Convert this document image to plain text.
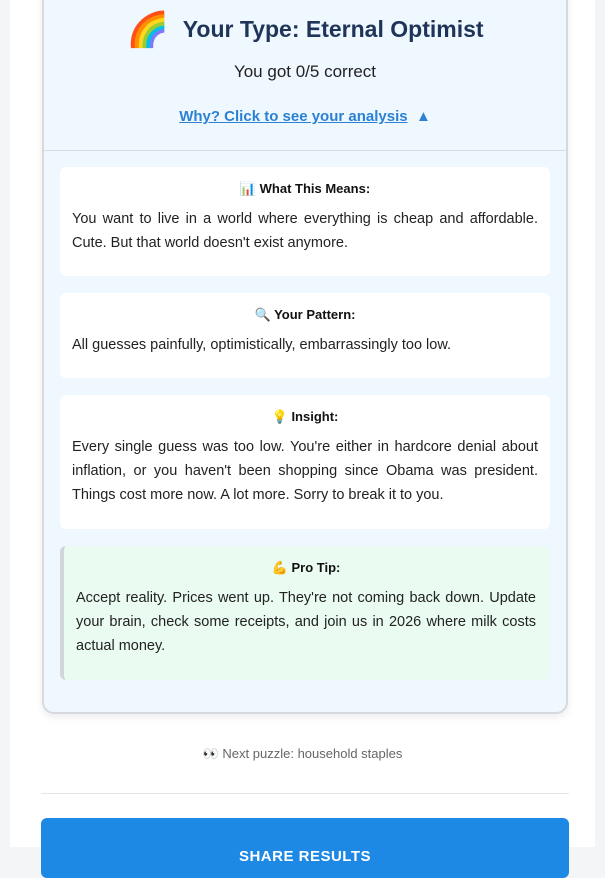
🌈 Your Type: Eternal Optimist
You got 0/5 correct
Why? Click to see your analysis ▲
📊 What This Means:

You want to live in a world where everything is cheap and affordable. Cute. But that world doesn't exist anymore.

🔍 Your Pattern:

All guesses painfully, optimistically, embarrassingly too low.

💡 Insight:

Every single guess was too low. You're either in hardcore denial about inflation, or you haven't been shopping since Obama was president. Things cost more now. A lot more. Sorry to break it to you.

💪 Pro Tip:

Accept reality. Prices went up. They're not coming back down. Update your brain, check some receipts, and join us in 2026 where milk costs actual money.

👀 Next puzzle: household staples
SHARE RESULTS
